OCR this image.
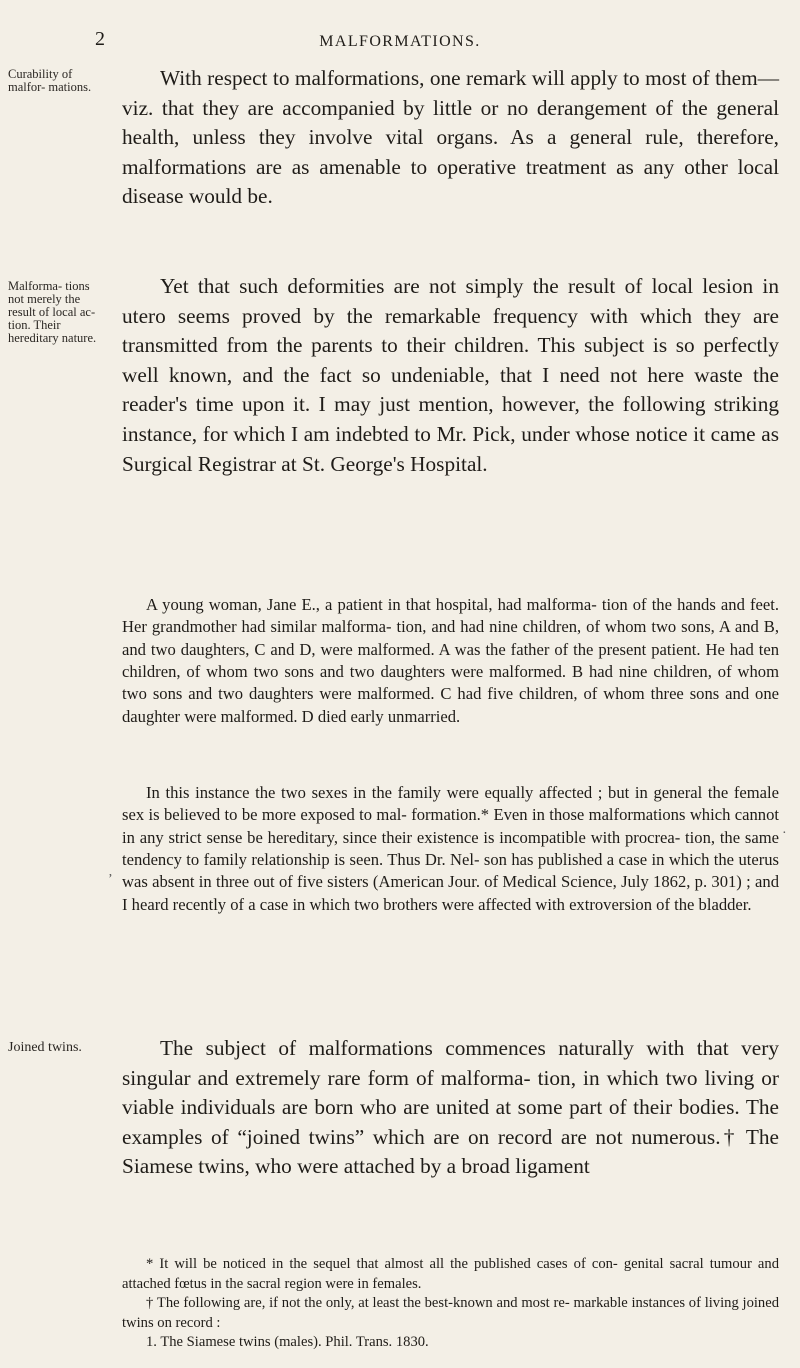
2	MALFORMATIONS.
Curability of malfor- mations.
Malforma- tions not merely the result of local ac- tion. Their hereditary nature.
Joined twins.

With respect to malformations, one remark will apply to most of them—viz. that they are accompanied by little or no derangement of the general health, unless they involve vital organs. As a general rule, therefore, malformations are as amenable to operative treatment as any other local disease would be.

Yet that such deformities are not simply the result of local lesion in utero seems proved by the remarkable frequency with which they are transmitted from the parents to their children. This subject is so perfectly well known, and the fact so undeniable, that I need not here waste the reader's time upon it. I may just mention, however, the following striking instance, for which I am indebted to Mr. Pick, under whose notice it came as Surgical Registrar at St. George's Hospital.

A young woman, Jane E., a patient in that hospital, had malforma- tion of the hands and feet. Her grandmother had similar malforma- tion, and had nine children, of whom two sons, A and B, and two daughters, C and D, were malformed. A was the father of the present patient. He had ten children, of whom two sons and two daughters were malformed. B had nine children, of whom two sons and two daughters were malformed. C had five children, of whom three sons and one daughter were malformed. D died early unmarried.

In this instance the two sexes in the family were equally affected ; but in general the female sex is believed to be more exposed to mal- formation.* Even in those malformations which cannot in any strict sense be hereditary, since their existence is incompatible with procrea- tion, the same tendency to family relationship is seen. Thus Dr. Nel- son has published a case in which the uterus was absent in three out of five sisters (American Jour. of Medical Science, July 1862, p. 301) ; and I heard recently of a case in which two brothers were affected with extroversion of the bladder.

·
ʼ

The subject of malformations commences naturally with that very singular and extremely rare form of malforma- tion, in which two living or viable individuals are born who are united at some part of their bodies. The examples of “joined twins” which are on record are not numerous.† The Siamese twins, who were attached by a broad ligament

* It will be noticed in the sequel that almost all the published cases of con- genital sacral tumour and attached fœtus in the sacral region were in females.

† The following are, if not the only, at least the best-known and most re- markable instances of living joined twins on record :

1. The Siamese twins (males). Phil. Trans. 1830.
